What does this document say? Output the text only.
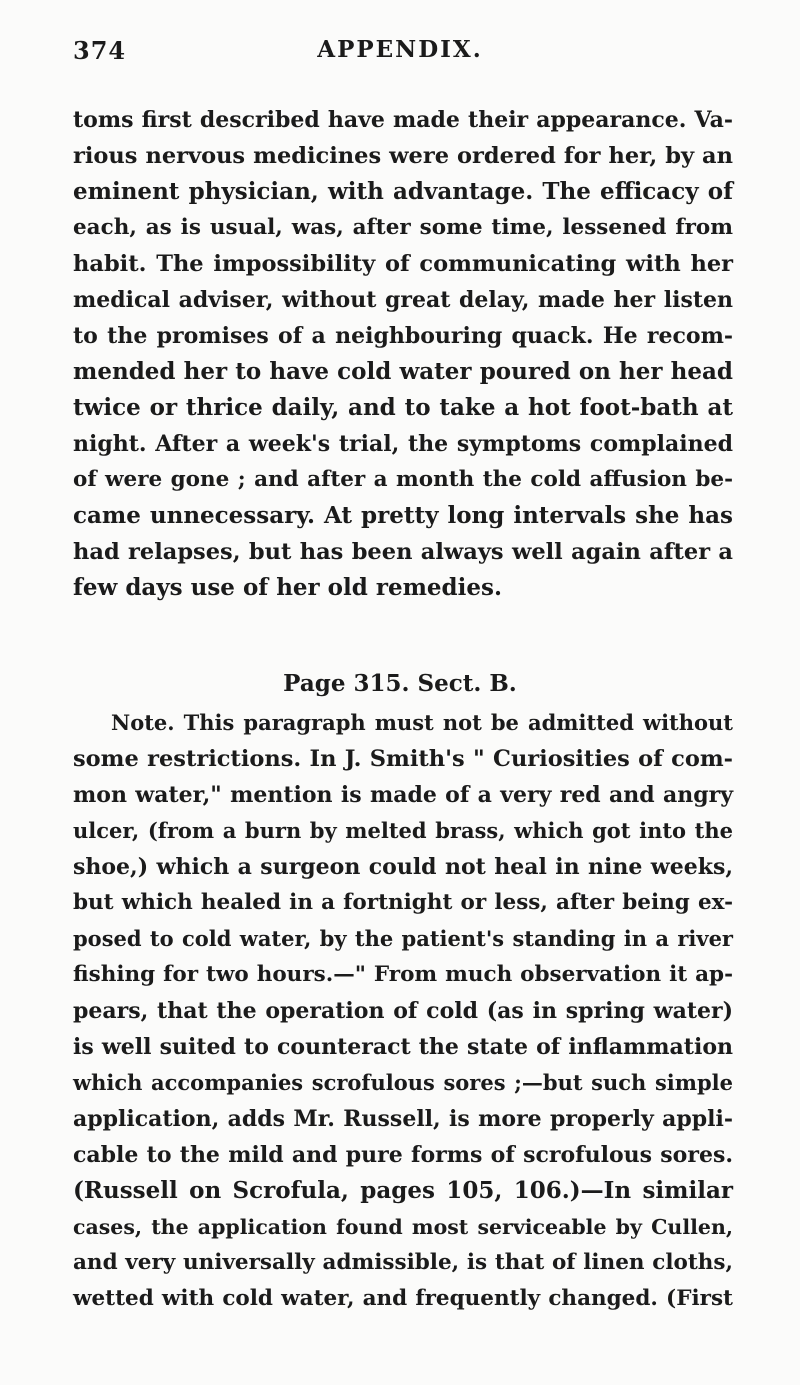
374	APPENDIX.
toms first described have made their appearance. Va-
rious nervous medicines were ordered for her, by an
eminent physician, with advantage. The efficacy of
each, as is usual, was, after some time, lessened from
habit. The impossibility of communicating with her
medical adviser, without great delay, made her listen
to the promises of a neighbouring quack. He recom-
mended her to have cold water poured on her head
twice or thrice daily, and to take a hot foot-bath at
night. After a week's trial, the symptoms complained
of were gone ; and after a month the cold affusion be-
came unnecessary. At pretty long intervals she has
had relapses, but has been always well again after a
few days use of her old remedies.
Page 315. Sect. B.
Note. This paragraph must not be admitted without
some restrictions. In J. Smith's " Curiosities of com-
mon water," mention is made of a very red and angry
ulcer, (from a burn by melted brass, which got into the
shoe,) which a surgeon could not heal in nine weeks,
but which healed in a fortnight or less, after being ex-
posed to cold water, by the patient's standing in a river
fishing for two hours.—" From much observation it ap-
pears, that the operation of cold (as in spring water)
is well suited to counteract the state of inflammation
which accompanies scrofulous sores ;—but such simple
application, adds Mr. Russell, is more properly appli-
cable to the mild and pure forms of scrofulous sores.
(Russell on Scrofula, pages 105, 106.)—In similar
cases, the application found most serviceable by Cullen,
and very universally admissible, is that of linen cloths,
wetted with cold water, and frequently changed. (First
